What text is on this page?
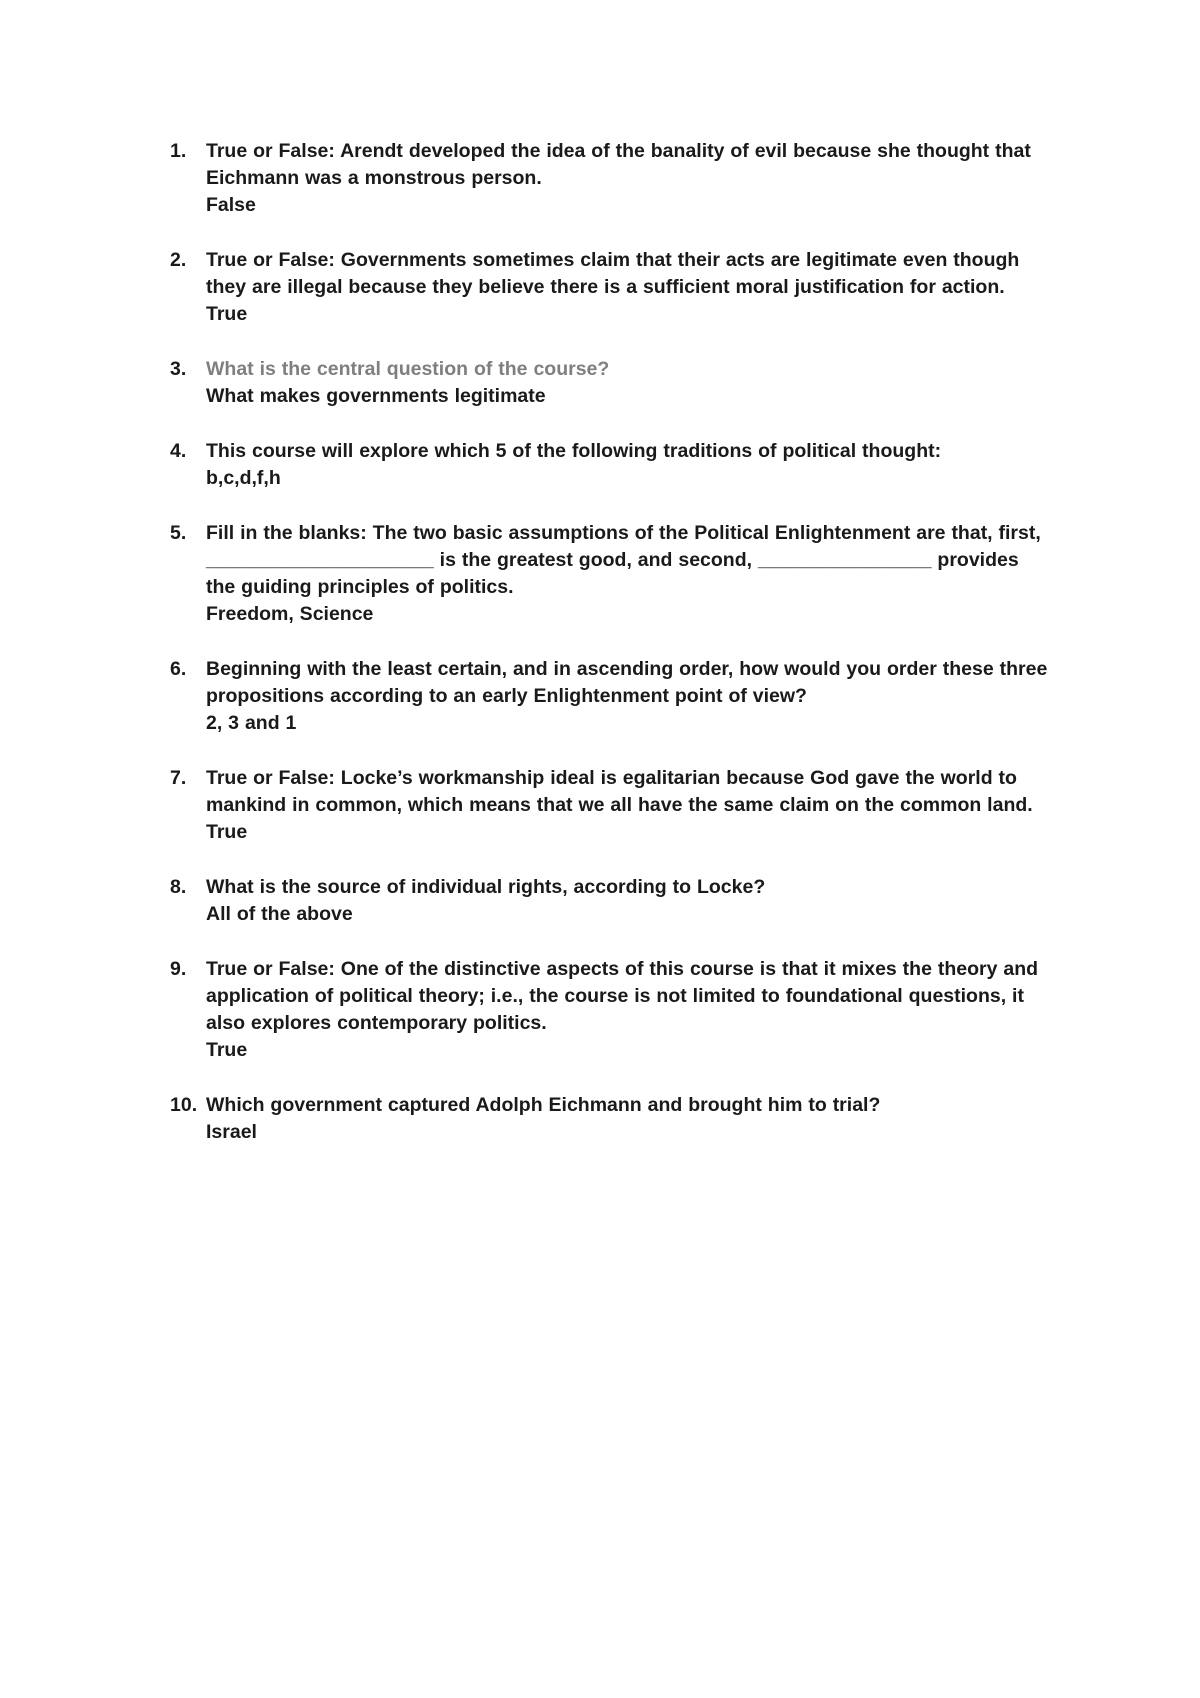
1.	True or False: Arendt developed the idea of the banality of evil because she thought that Eichmann was a monstrous person.

False

2.	True or False: Governments sometimes claim that their acts are legitimate even though they are illegal because they believe there is a sufficient moral justification for action.

True

3.	What is the central question of the course?

What makes governments legitimate

4.	This course will explore which 5 of the following traditions of political thought:

b,c,d,f,h

5.	Fill in the blanks: The two basic assumptions of the Political Enlightenment are that, first, _____________________ is the greatest good, and second, ________________ provides the guiding principles of politics.

Freedom, Science

6.	Beginning with the least certain, and in ascending order, how would you order these three propositions according to an early Enlightenment point of view?

2, 3 and 1

7.	True or False: Locke’s workmanship ideal is egalitarian because God gave the world to mankind in common, which means that we all have the same claim on the common land.

True

8.	What is the source of individual rights, according to Locke?

All of the above

9.	True or False: One of the distinctive aspects of this course is that it mixes the theory and application of political theory; i.e., the course is not limited to foundational questions, it also explores contemporary politics.

True

10. Which government captured Adolph Eichmann and brought him to trial?

Israel
